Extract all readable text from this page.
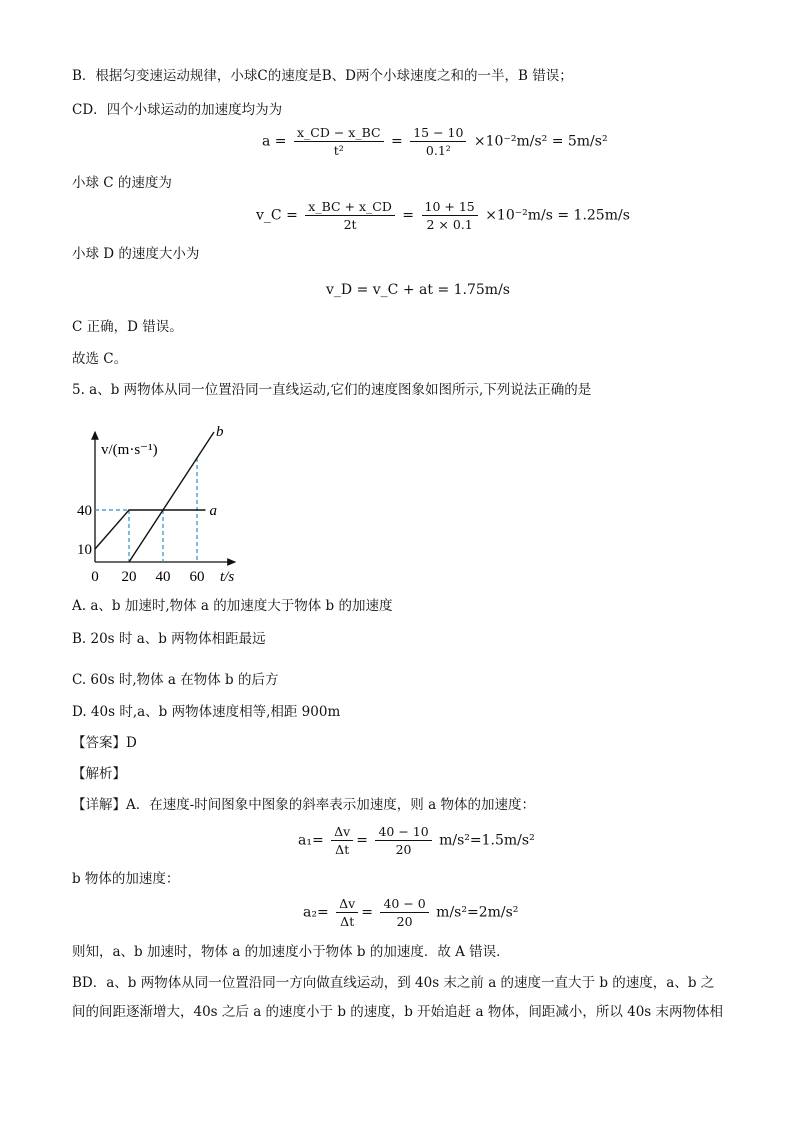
B．根据匀变速运动规律，小球C的速度是B、D两个小球速度之和的一半，B 错误；
CD．四个小球运动的加速度均为为
$a = \frac{x\_CD - x\_BC}{\text{t²}} = \frac{15 - 10}{\text{0.1²}} \times 10^{-2}m/s^2 = 5m/s^2$
小球 C 的速度为
v_C = $\frac{x\_BC + x\_CD}{2t} = \frac{10 + 15}{2 \times 0.1} \times 10^{-2}m/s = 1.25m/s$
小球 D 的速度大小为
v_D = v_C + at = 1.75m/s
C 正确，D 错误。
故选 C。
5. a、b 两物体从同一位置沿同一直线运动,它们的速度图象如图所示,下列说法正确的是
v/(m·s⁻¹)
t/s
a
b
0 20 40 60
10
40
A. a、b 加速时,物体 a 的加速度大于物体 b 的加速度
B. 20s 时 a、b 两物体相距最远
C. 60s 时,物体 a 在物体 b 的后方
D. 40s 时,a、b 两物体速度相等,相距 900m
【答案】D
【解析】
【详解】A．在速度-时间图象中图象的斜率表示加速度，则 a 物体的加速度：
$a_1= \frac{\Delta v}{\Delta t} = \frac{40 - 10}{20} m/s^2=1.5m/s^2$
b 物体的加速度：
$a_2= \frac{\Delta v}{\Delta t} = \frac{40 - 0}{20} m/s^2=2m/s^2$
则知，a、b 加速时，物体 a 的加速度小于物体 b 的加速度．故 A 错误．
BD．a、b 两物体从同一位置沿同一方向做直线运动，到 40s 末之前 a 的速度一直大于 b 的速度，a、b 之
间的间距逐渐增大，40s 之后 a 的速度小于 b 的速度，b 开始追赶 a 物体，间距减小，所以 40s 末两物体相
